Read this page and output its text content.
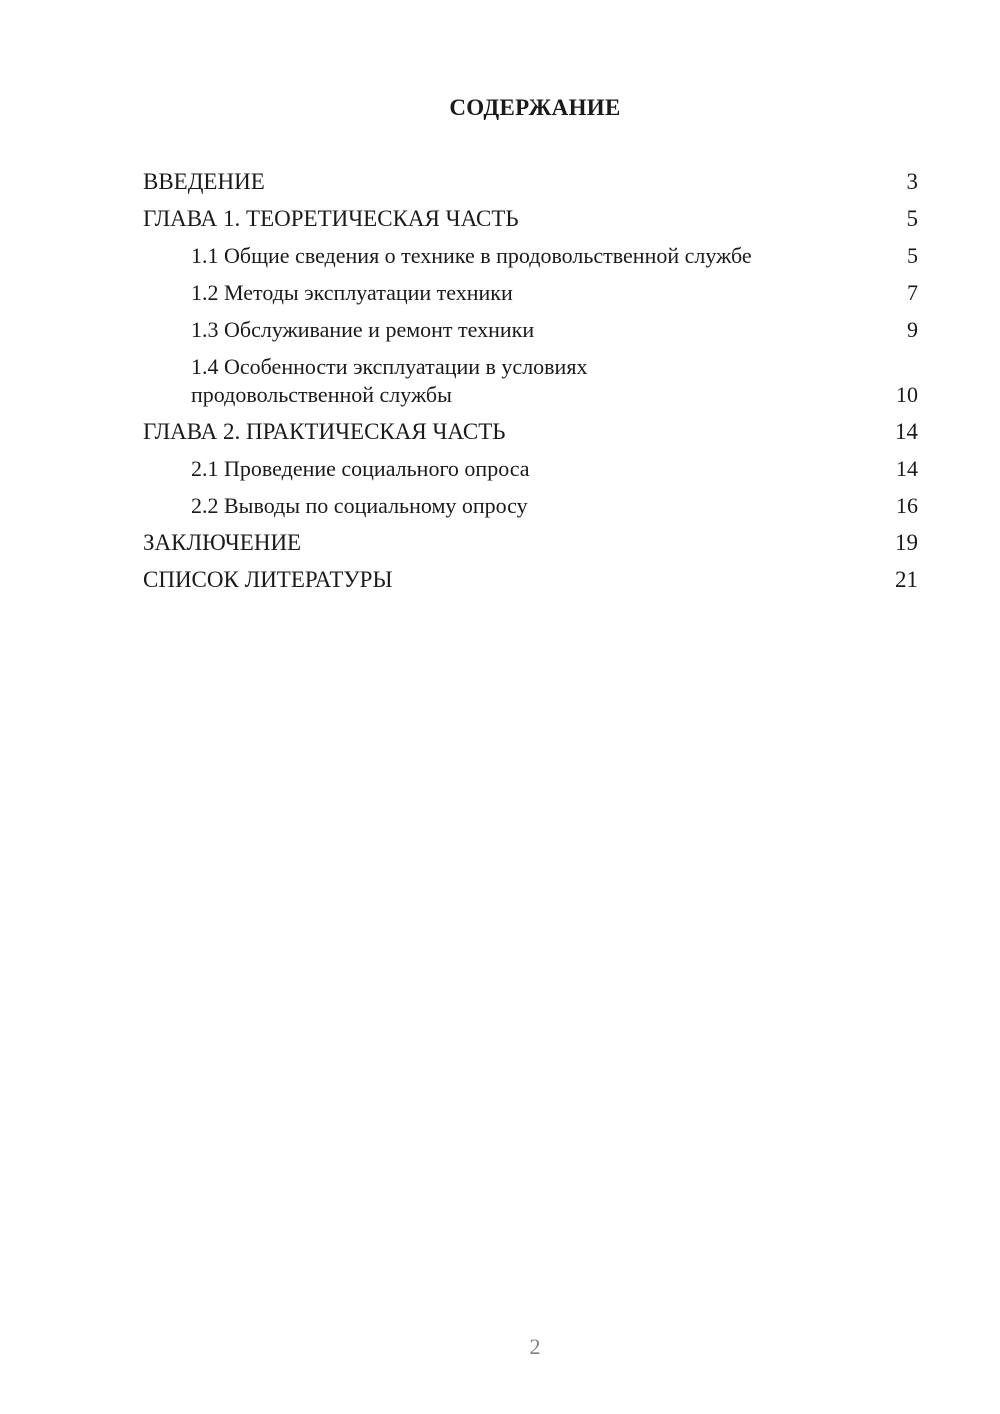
СОДЕРЖАНИЕ
ВВЕДЕНИЕ	3
ГЛАВА 1. ТЕОРЕТИЧЕСКАЯ ЧАСТЬ	5
1.1 Общие сведения о технике в продовольственной службе	5
1.2 Методы эксплуатации техники	7
1.3 Обслуживание и ремонт техники	9
1.4 Особенности эксплуатации в условиях продовольственной службы	10
ГЛАВА 2. ПРАКТИЧЕСКАЯ ЧАСТЬ	14
2.1 Проведение социального опроса	14
2.2 Выводы по социальному опросу	16
ЗАКЛЮЧЕНИЕ	19
СПИСОК ЛИТЕРАТУРЫ	21
2
